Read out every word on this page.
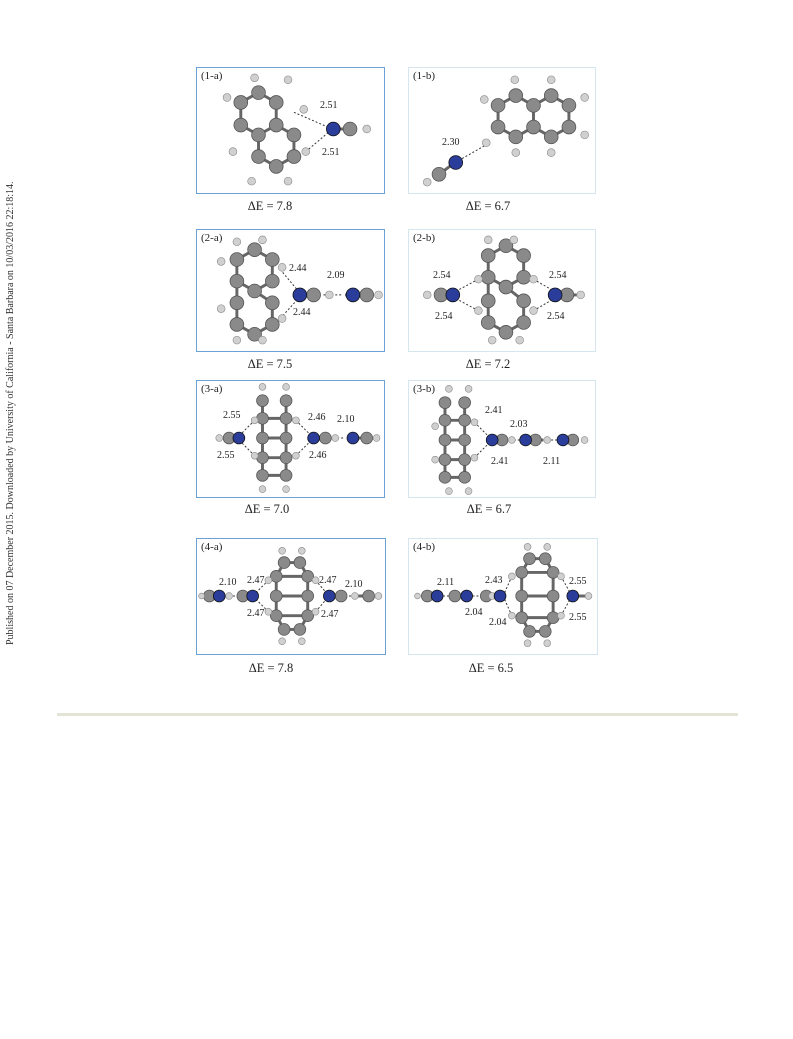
Published on 07 December 2015. Downloaded by University of California - Santa Barbara on 10/03/2016 22:18:14.
(1-a)
2.51
2.51
ΔE = 7.8
(1-b)
2.30
ΔE = 6.7
(2-a)
2.44
2.09
2.44
ΔE = 7.5
(2-b)
2.54	2.54
2.54	2.54
ΔE = 7.2
(3-a)
2.55	2.46 2.10
2.55	2.46
ΔE = 7.0
(3-b)
2.41
2.03
2.41	2.11
ΔE = 6.7
(4-a)
2.10 2.47
2.47
2.10
2.47
2.47
ΔE = 7.8
(4-b)
2.11	2.43	2.55
2.04
2.04	2.55
ΔE = 6.5
